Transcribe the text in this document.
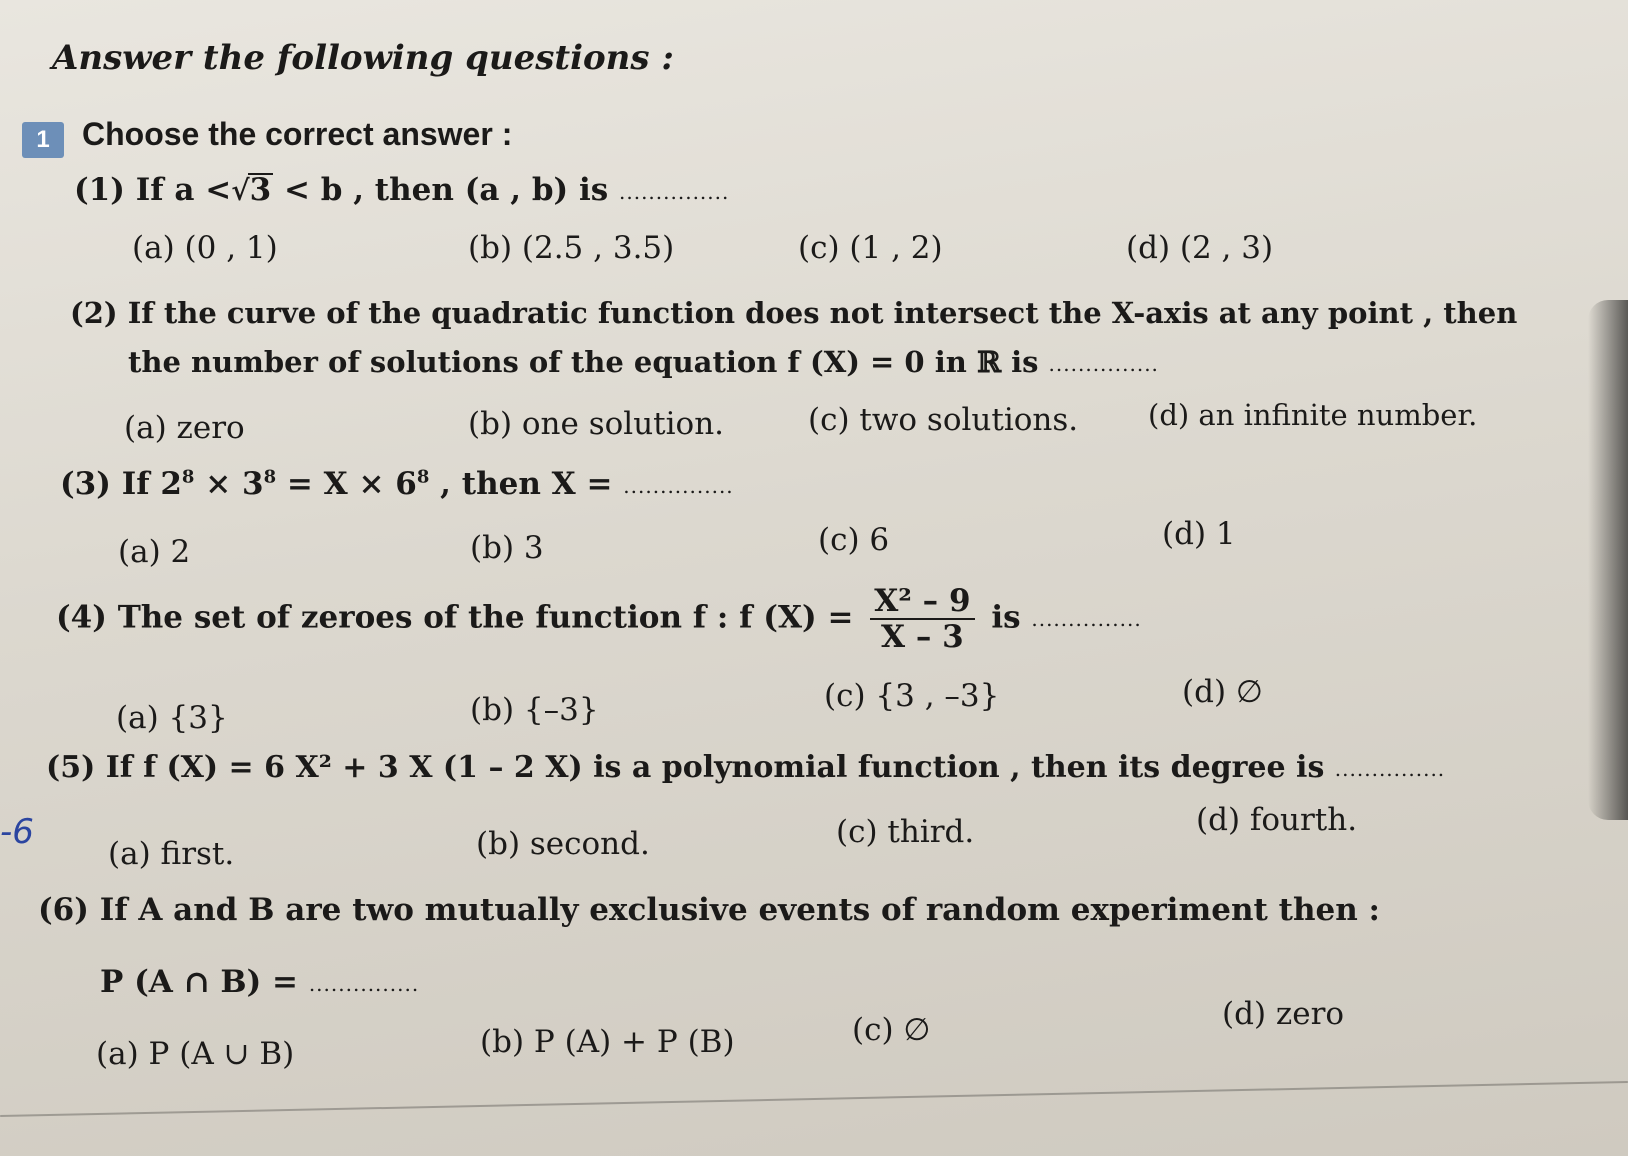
Answer the following questions :
1	Choose the correct answer :
(1) If a <√3 < b , then (a , b) is ...............
(a) (0 , 1)	(b) (2.5 , 3.5)	(c) (1 , 2)	(d) (2 , 3)
(2) If the curve of the quadratic function does not intersect the X-axis at any point , then
the number of solutions of the equation f (X) = 0 in ℝ is ...............
(a) zero	(b) one solution.	(c) two solutions. (d) an infinite number.
(3) If $2^8 \times 3^8 = X \times 6^8$ , then X = ...............
(a) 2	(b) 3	(c) 6	(d) 1
(4) The set of zeroes of the function f : f $(X) = \frac{\text{X² – 9}}{X - 3}$ is ...............
(a) {3}	(b) {–3}	(c) {3 , –3}	(d) ∅
(5) If f (X) = 6 X² + 3 X (1 – 2 X) is a polynomial function , then its degree is ...............
-6
(a) first.	(b) second.	(c) third.	(d) fourth.
(6) If A and B are two mutually exclusive events of random experiment then :
P (A ∩ B) = ...............
(a) P (A ∪ B)	(b) P (A) + P (B)	(c) ∅	(d) zero
